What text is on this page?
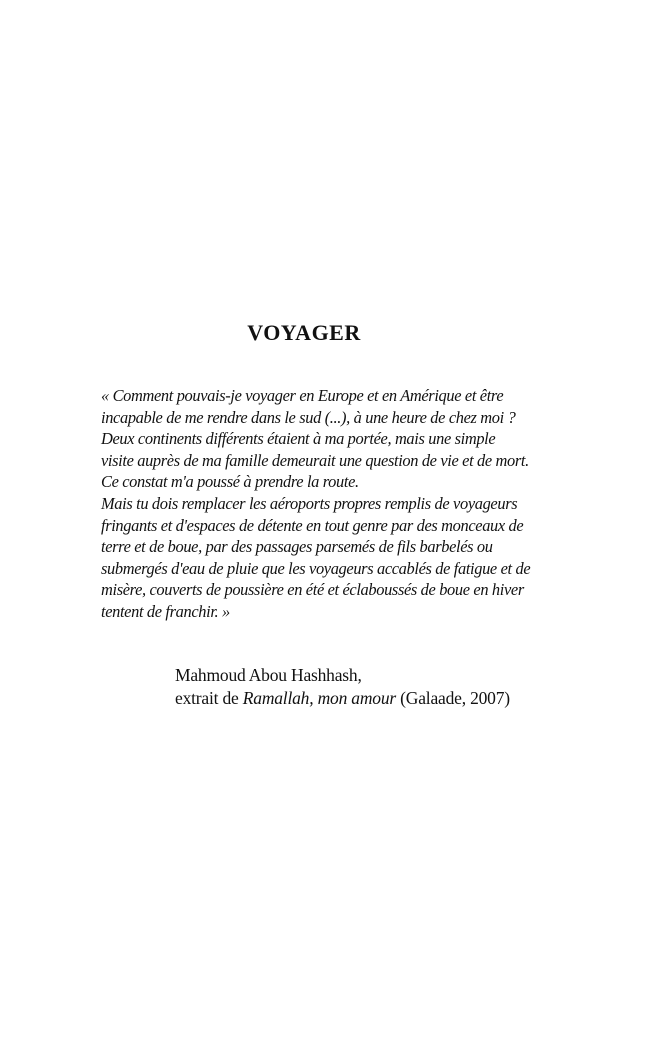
VOYAGER
« Comment pouvais-je voyager en Europe et en Amérique et être
incapable de me rendre dans le sud (...), à une heure de chez moi ?
Deux continents différents étaient à ma portée, mais une simple
visite auprès de ma famille demeurait une question de vie et de mort.
Ce constat m'a poussé à prendre la route.
Mais tu dois remplacer les aéroports propres remplis de voyageurs
fringants et d'espaces de détente en tout genre par des monceaux de
terre et de boue, par des passages parsemés de fils barbelés ou
submergés d'eau de pluie que les voyageurs accablés de fatigue et de
misère, couverts de poussière en été et éclaboussés de boue en hiver
tentent de franchir. »
Mahmoud Abou Hashhash,
extrait de Ramallah, mon amour (Galaade, 2007)
